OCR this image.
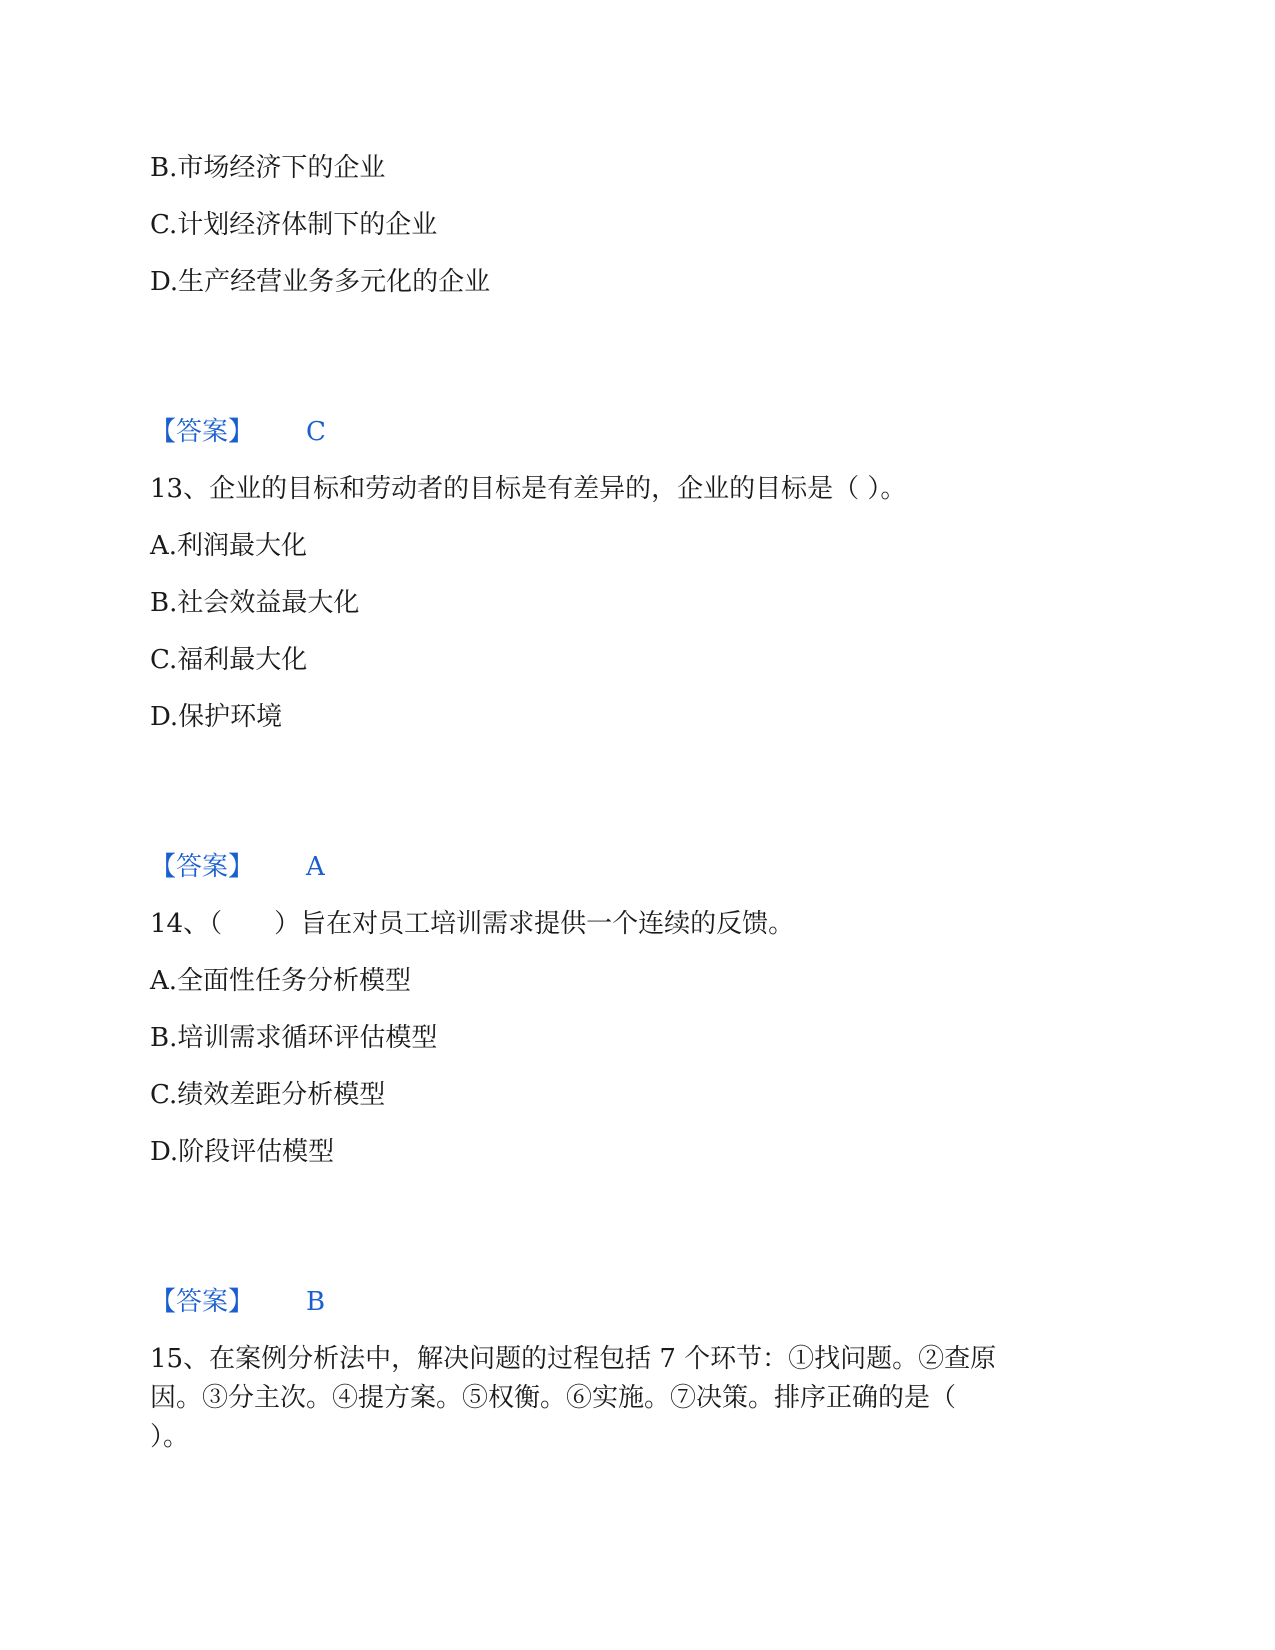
B.市场经济下的企业
C.计划经济体制下的企业
D.生产经营业务多元化的企业
【答案】 C
13、企业的目标和劳动者的目标是有差异的，企业的目标是（ ）。
A.利润最大化
B.社会效益最大化
C.福利最大化
D.保护环境
【答案】 A
14、（　　）旨在对员工培训需求提供一个连续的反馈。
A.全面性任务分析模型
B.培训需求循环评估模型
C.绩效差距分析模型
D.阶段评估模型
【答案】 B
15、在案例分析法中，解决问题的过程包括 7 个环节：①找问题。②查原
因。③分主次。④提方案。⑤权衡。⑥实施。⑦决策。排序正确的是（
）。
